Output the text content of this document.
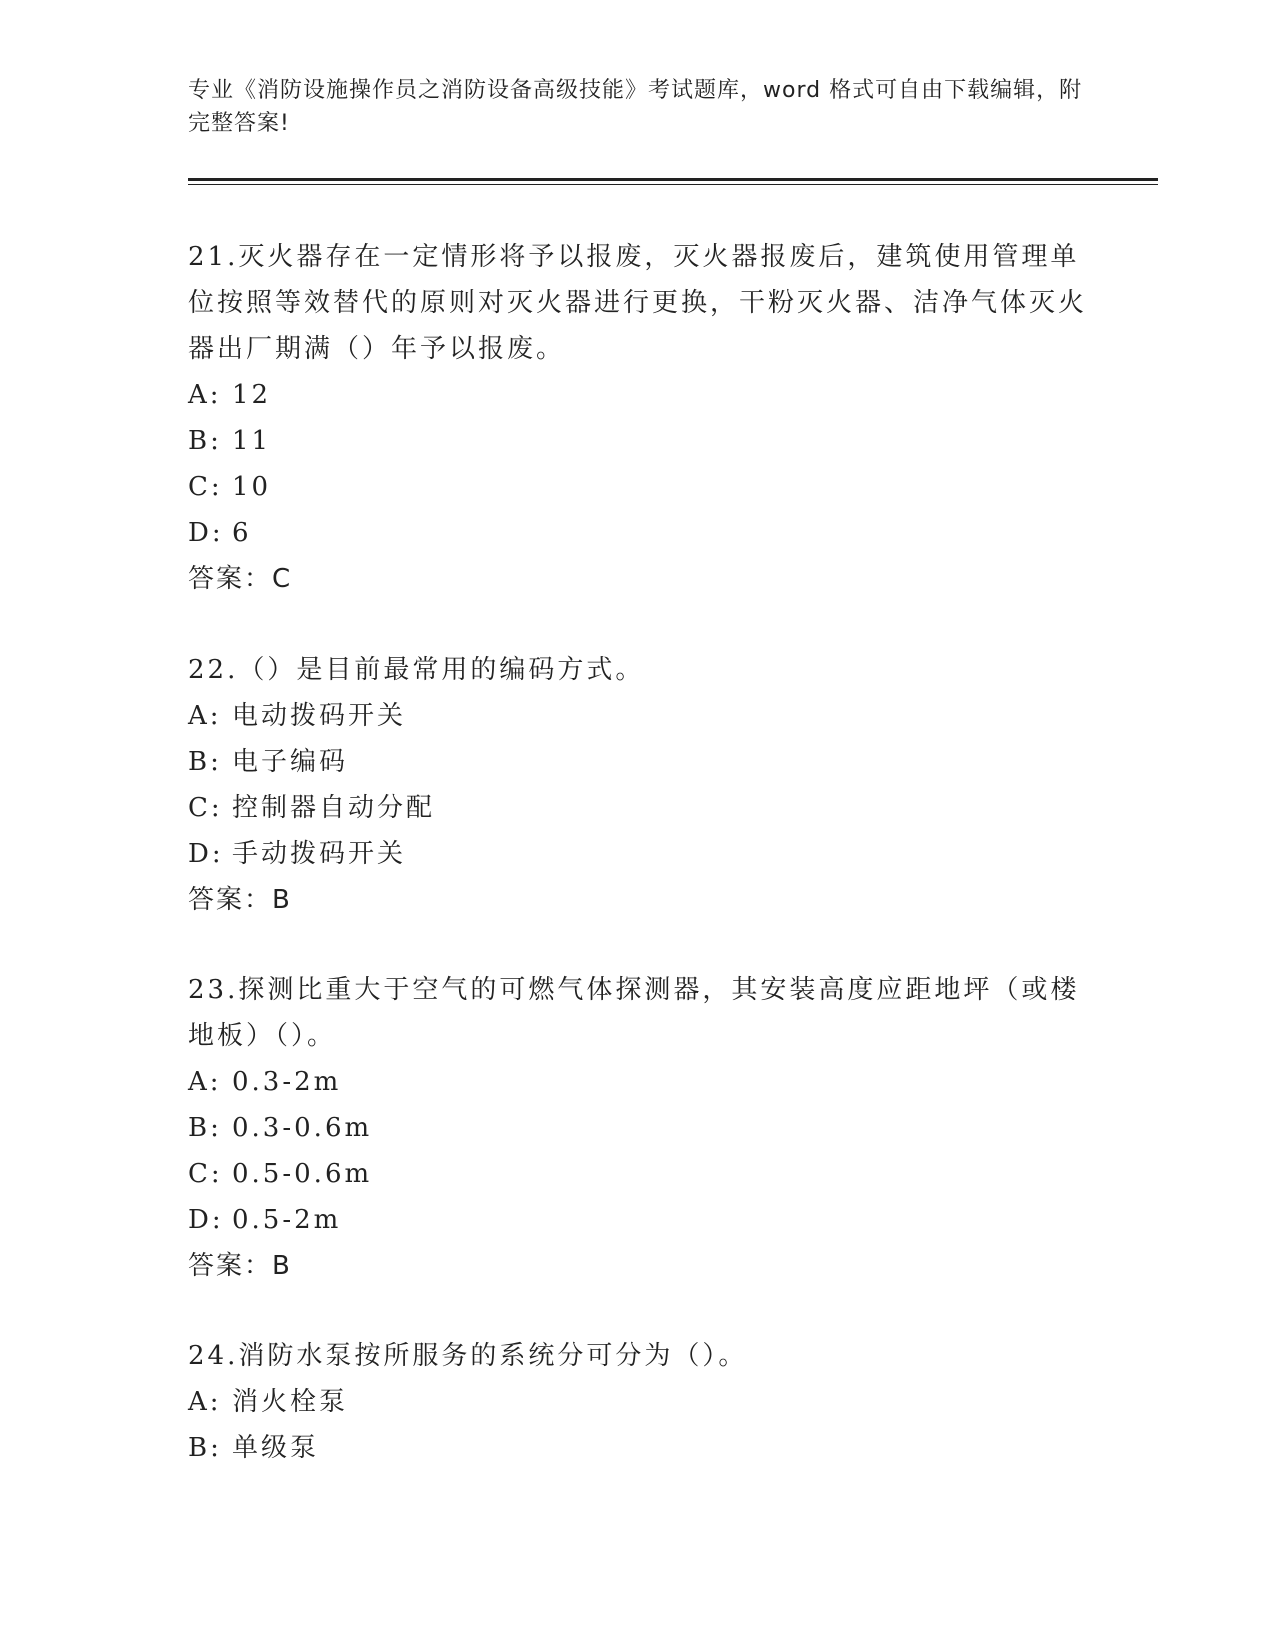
专业《消防设施操作员之消防设备高级技能》考试题库，word 格式可自由下载编辑，附完整答案!

21.灭火器存在一定情形将予以报废，灭火器报废后，建筑使用管理单位按照等效替代的原则对灭火器进行更换，干粉灭火器、洁净气体灭火器出厂期满（）年予以报废。

A: 12

B: 11

C: 10

D: 6

答案：C

22.（）是目前最常用的编码方式。

A: 电动拨码开关

B: 电子编码

C: 控制器自动分配

D: 手动拨码开关

答案：B

23.探测比重大于空气的可燃气体探测器，其安装高度应距地坪（或楼地板）（）。

A: 0.3-2m

B: 0.3-0.6m

C: 0.5-0.6m

D: 0.5-2m

答案：B

24.消防水泵按所服务的系统分可分为（）。

A: 消火栓泵

B: 单级泵
